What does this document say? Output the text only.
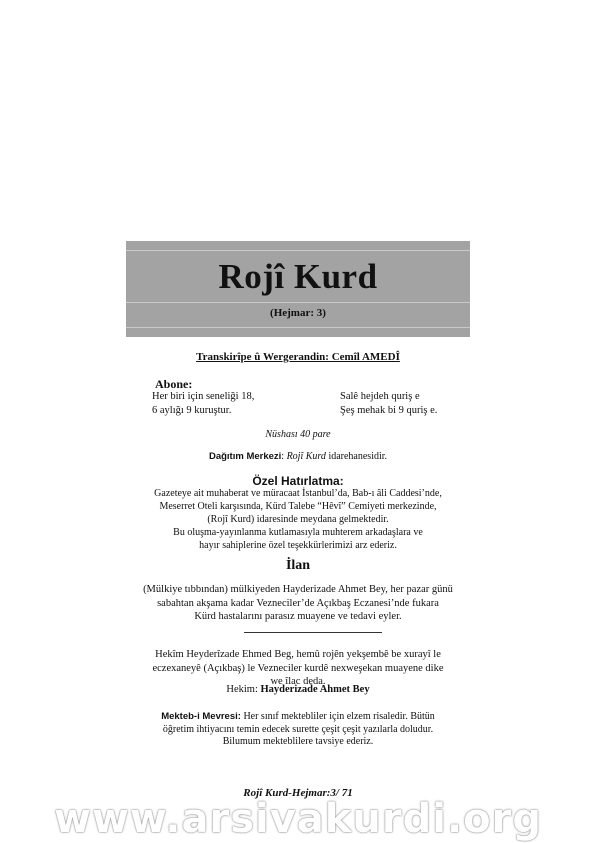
Rojî Kurd
(Hejmar: 3)
Transkirîpe û Wergerandin: Cemîl AMEDÎ
Abone:
Her biri için seneliği 18,
6 aylığı 9 kuruştur.
Salê hejdeh quriş e
Şeş mehak bi 9 quriş e.
Nüshası 40 pare
Dağıtım Merkezi: Rojî Kurd idarehanesidir.
Özel Hatırlatma:
Gazeteye ait muhaberat ve müracaat İstanbul’da, Bab-ı âli Caddesi’nde,
Meserret Oteli karşısında, Kürd Talebe “Hêvî” Cemiyeti merkezinde,
(Rojî Kurd) idaresinde meydana gelmektedir.
Bu oluşma-yayınlanma kutlamasıyla muhterem arkadaşlara ve
hayır sahiplerine özel teşekkürlerimizi arz ederiz.
İlan
(Mülkiye tıbbından) mülkiyeden Hayderizade Ahmet Bey, her pazar günü
sabahtan akşama kadar Vezneciler’de Açıkbaş Eczanesi’nde fukara
Kürd hastalarını parasız muayene ve tedavi eyler.
Hekîm Heyderîzade Ehmed Beg, hemû rojên yekşembê be xurayî le
eczexaneyê (Açıkbaş) le Vezneciler kurdê nexweşekan muayene dike
we îlac deda.
Hekim: Hayderizade Ahmet Bey
Mekteb-i Mevresi: Her sınıf mektebliler için elzem risaledir. Bütün
öğretim ihtiyacını temin edecek surette çeşit çeşit yazılarla doludur.
Bilumum mekteblilere tavsiye ederiz.
Rojî Kurd-Hejmar:3/ 71
www.arsivakurdi.org
